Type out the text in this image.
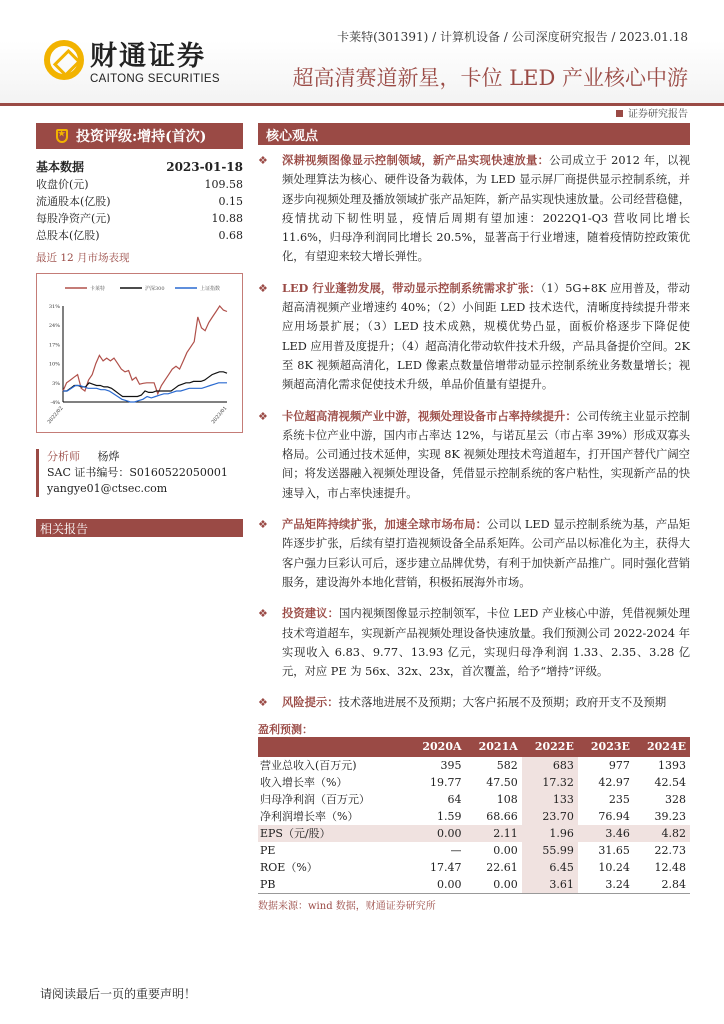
财通证券
CAITONG SECURITIES
卡莱特(301391) / 计算机设备 / 公司深度研究报告 / 2023.01.18
超高清赛道新星，卡位 LED 产业核心中游
证券研究报告
★
投资评级:增持(首次)
基本数据	2023-01-18
收盘价(元)	109.58
流通股本(亿股)	0.15
每股净资产(元)	10.88
总股本(亿股)	0.68
最近 12 月市场表现
31%
24%
17%
10%
3%
-4%
2022/02	2023/01
卡莱特	沪深300	上证指数
分析师 杨烨
SAC 证书编号：S0160522050001
yangye01@ctsec.com
相关报告
核心观点
❖ 深耕视频图像显示控制领域，新产品实现快速放量：公司成立于 2012 年，以视频处理算法为核心、硬件设备为载体，为 LED 显示屏厂商提供显示控制系统，并逐步向视频处理及播放领域扩张产品矩阵，新产品实现快速放量。公司经营稳健，疫情扰动下韧性明显，疫情后周期有望加速：2022Q1-Q3 营收同比增长 11.6%，归母净利润同比增长 20.5%，显著高于行业增速，随着疫情防控政策优化，有望迎来较大增长弹性。
❖ LED 行业蓬勃发展，带动显示控制系统需求扩张：（1）5G+8K 应用普及，带动超高清视频产业增速约 40%；（2）小间距 LED 技术迭代，清晰度持续提升带来应用场景扩展；（3）LED 技术成熟，规模优势凸显，面板价格逐步下降促使 LED 应用普及度提升；（4）超高清化带动软件技术升级，产品具备提价空间。2K 至 8K 视频超高清化，LED 像素点数量倍增带动显示控制系统业务数量增长；视频超高清化需求促使技术升级，单品价值量有望提升。
❖ 卡位超高清视频产业中游，视频处理设备市占率持续提升：公司传统主业显示控制系统卡位产业中游，国内市占率达 12%，与诺瓦星云（市占率 39%）形成双寡头格局。公司通过技术延伸，实现 8K 视频处理技术弯道超车，打开国产替代广阔空间；将发送器融入视频处理设备，凭借显示控制系统的客户粘性，实现新产品的快速导入，市占率快速提升。
❖ 产品矩阵持续扩张，加速全球市场布局：公司以 LED 显示控制系统为基，产品矩阵逐步扩张，后续有望打造视频设备全品系矩阵。公司产品以标准化为主，获得大客户强力巨彩认可后，逐步建立品牌优势，有利于加快新产品推广。同时强化营销服务，建设海外本地化营销，积极拓展海外市场。
❖ 投资建议：国内视频图像显示控制领军，卡位 LED 产业核心中游，凭借视频处理技术弯道超车，实现新产品视频处理设备快速放量。我们预测公司 2022-2024 年实现收入 6.83、9.77、13.93 亿元，实现归母净利润 1.33、2.35、3.28 亿元，对应 PE 为 56x、32x、23x，首次覆盖，给予“增持”评级。
❖ 风险提示：技术落地进展不及预期；大客户拓展不及预期；政府开支不及预期
盈利预测：
	2020A	2021A	2022E	2023E	2024E
营业总收入(百万元)	395	582	683	977	1393
收入增长率（%）	19.77	47.50	17.32	42.97	42.54
归母净利润（百万元）	64	108	133	235	328
净利润增长率（%）	1.59	68.66	23.70	76.94	39.23
EPS（元/股）	0.00	2.11	1.96	3.46	4.82
PE	—	0.00	55.99	31.65	22.73
ROE（%）	17.47	22.61	6.45	10.24	12.48
PB	0.00	0.00	3.61	3.24	2.84
数据来源：wind 数据，财通证券研究所
请阅读最后一页的重要声明！
